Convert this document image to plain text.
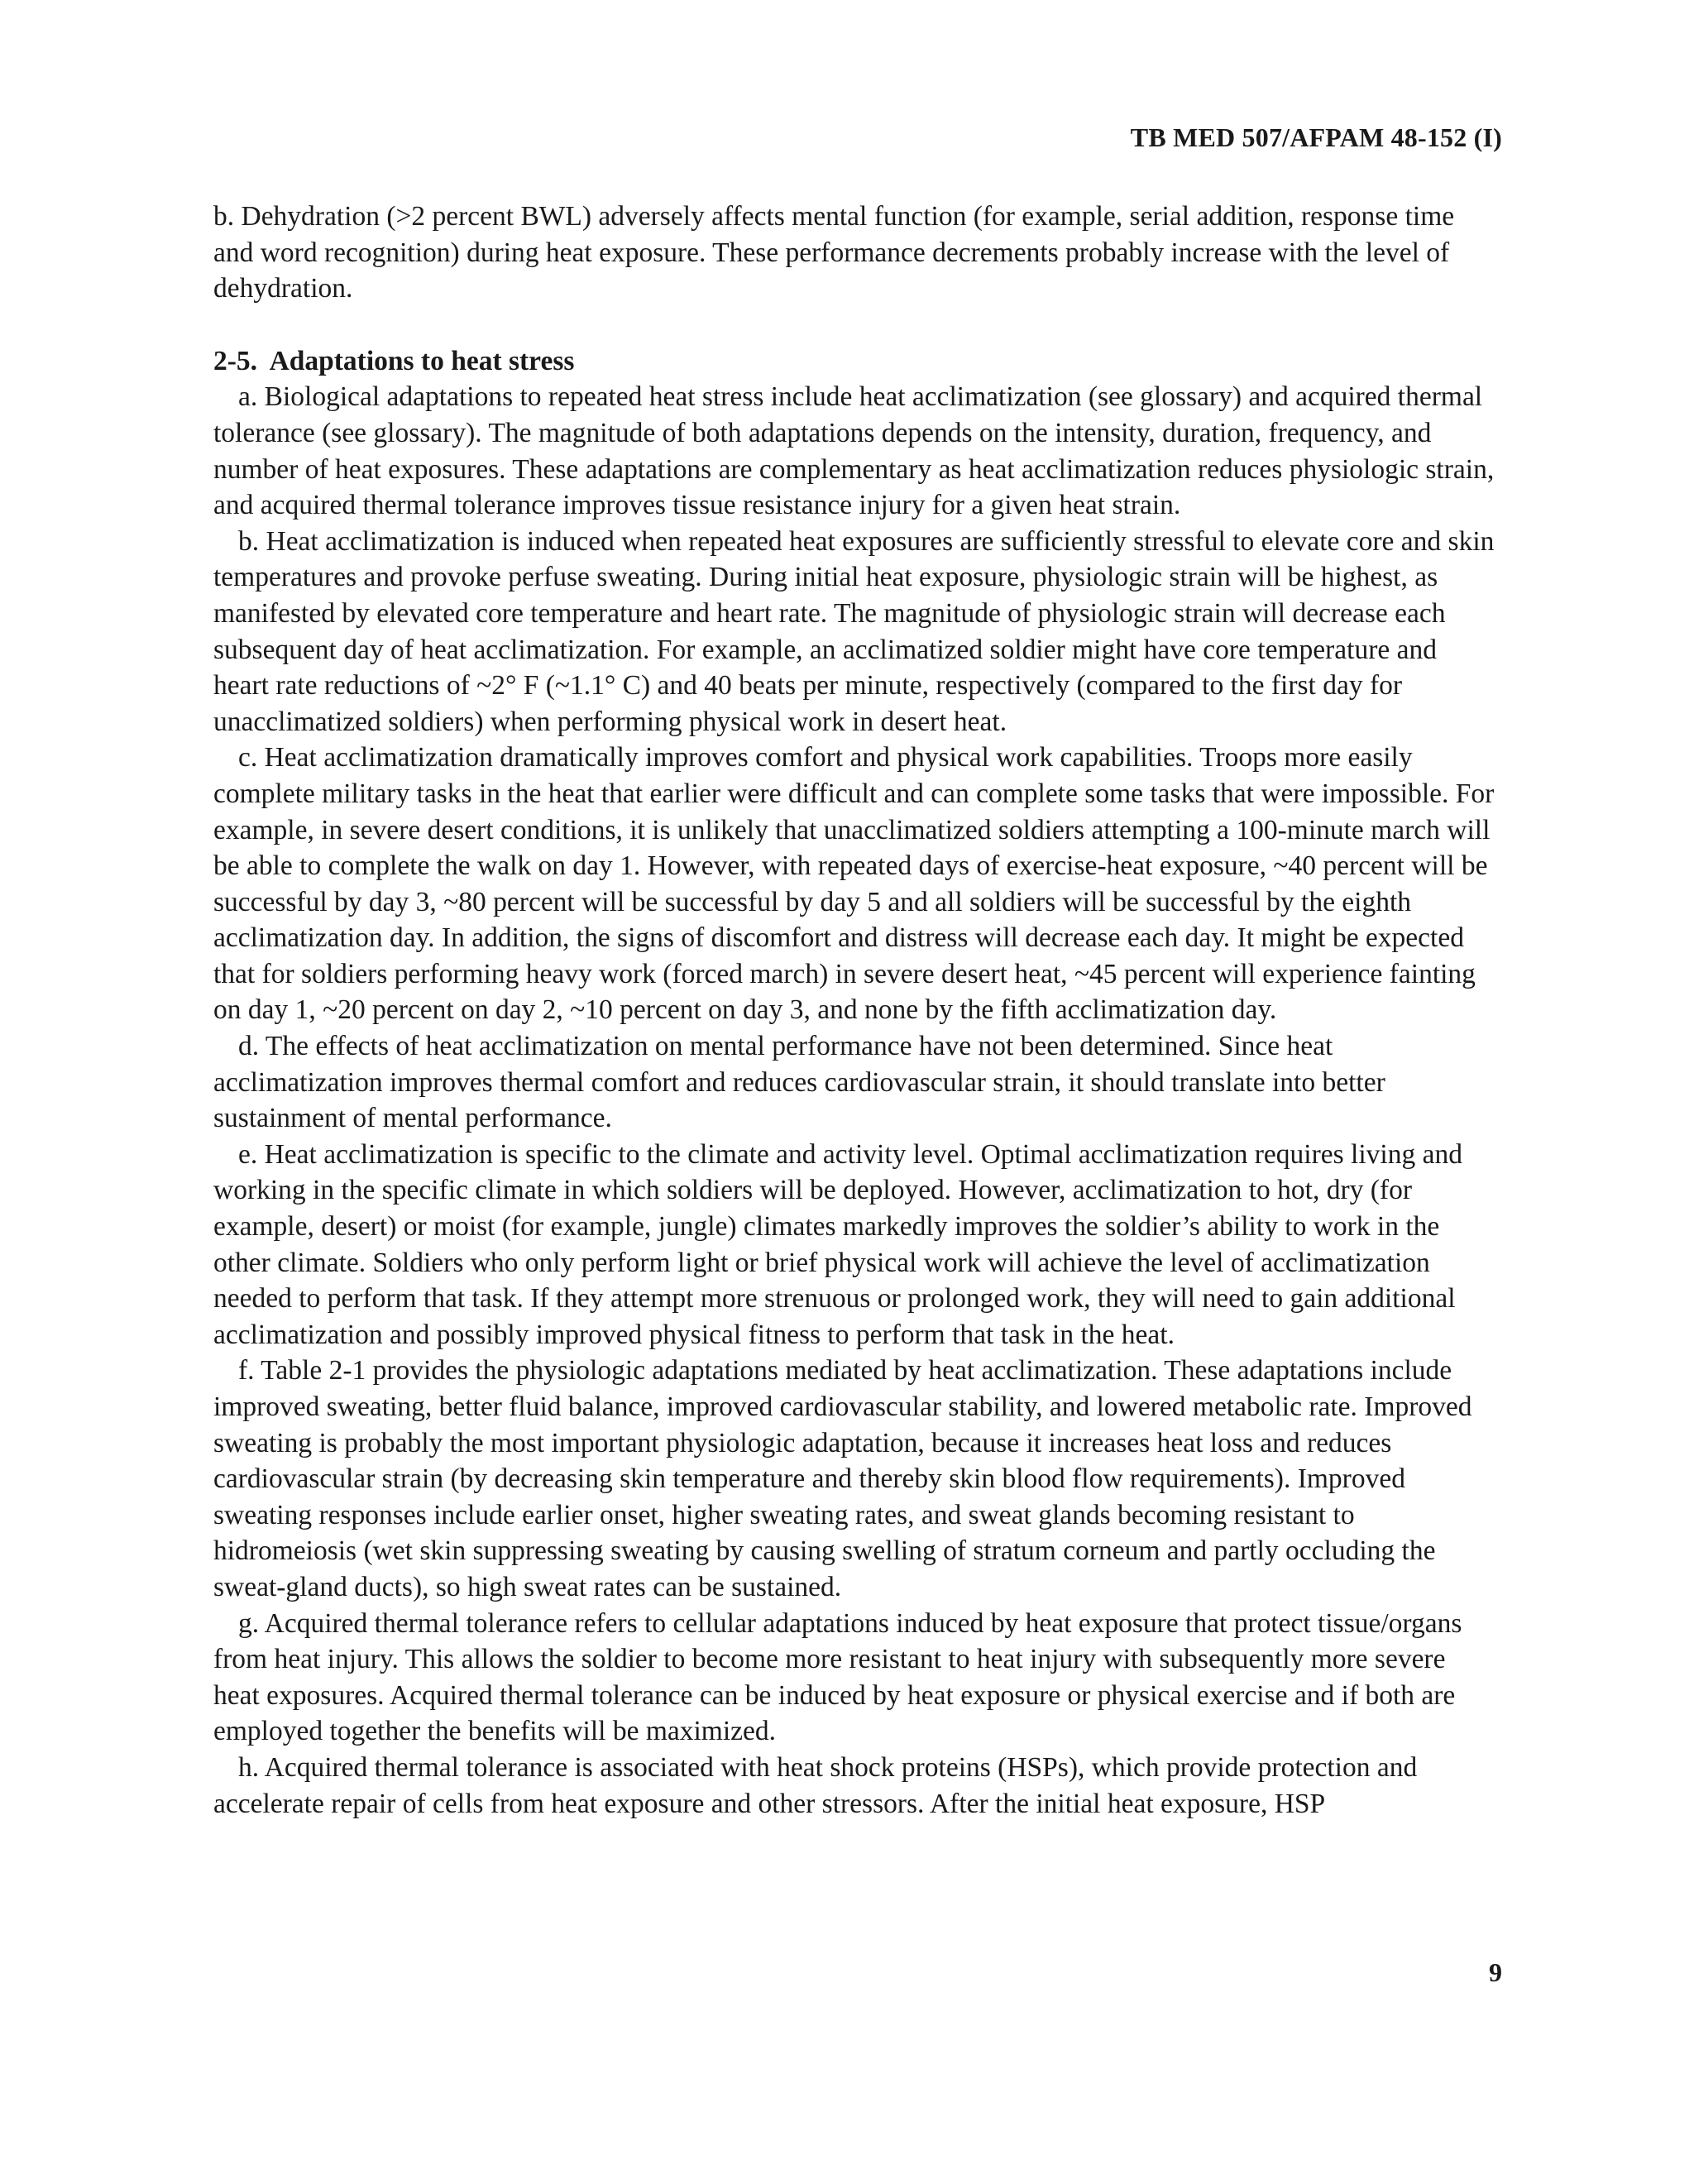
TB MED 507/AFPAM 48-152 (I)

b. Dehydration (>2 percent BWL) adversely affects mental function (for example, serial addition, response time and word recognition) during heat exposure. These performance decrements probably increase with the level of dehydration.

2-5. Adaptations to heat stress

a. Biological adaptations to repeated heat stress include heat acclimatization (see glossary) and acquired thermal tolerance (see glossary). The magnitude of both adaptations depends on the intensity, duration, frequency, and number of heat exposures. These adaptations are complementary as heat acclimatization reduces physiologic strain, and acquired thermal tolerance improves tissue resistance injury for a given heat strain.

b. Heat acclimatization is induced when repeated heat exposures are sufficiently stressful to elevate core and skin temperatures and provoke perfuse sweating. During initial heat exposure, physiologic strain will be highest, as manifested by elevated core temperature and heart rate. The magnitude of physiologic strain will decrease each subsequent day of heat acclimatization. For example, an acclimatized soldier might have core temperature and heart rate reductions of ~2° F (~1.1° C) and 40 beats per minute, respectively (compared to the first day for unacclimatized soldiers) when performing physical work in desert heat.

c. Heat acclimatization dramatically improves comfort and physical work capabilities. Troops more easily complete military tasks in the heat that earlier were difficult and can complete some tasks that were impossible. For example, in severe desert conditions, it is unlikely that unacclimatized soldiers attempting a 100-minute march will be able to complete the walk on day 1. However, with repeated days of exercise-heat exposure, ~40 percent will be successful by day 3, ~80 percent will be successful by day 5 and all soldiers will be successful by the eighth acclimatization day. In addition, the signs of discomfort and distress will decrease each day. It might be expected that for soldiers performing heavy work (forced march) in severe desert heat, ~45 percent will experience fainting on day 1, ~20 percent on day 2, ~10 percent on day 3, and none by the fifth acclimatization day.

d. The effects of heat acclimatization on mental performance have not been determined. Since heat acclimatization improves thermal comfort and reduces cardiovascular strain, it should translate into better sustainment of mental performance.

e. Heat acclimatization is specific to the climate and activity level. Optimal acclimatization requires living and working in the specific climate in which soldiers will be deployed. However, acclimatization to hot, dry (for example, desert) or moist (for example, jungle) climates markedly improves the soldier’s ability to work in the other climate. Soldiers who only perform light or brief physical work will achieve the level of acclimatization needed to perform that task. If they attempt more strenuous or prolonged work, they will need to gain additional acclimatization and possibly improved physical fitness to perform that task in the heat.

f. Table 2-1 provides the physiologic adaptations mediated by heat acclimatization. These adaptations include improved sweating, better fluid balance, improved cardiovascular stability, and lowered metabolic rate. Improved sweating is probably the most important physiologic adaptation, because it increases heat loss and reduces cardiovascular strain (by decreasing skin temperature and thereby skin blood flow requirements). Improved sweating responses include earlier onset, higher sweating rates, and sweat glands becoming resistant to hidromeiosis (wet skin suppressing sweating by causing swelling of stratum corneum and partly occluding the sweat-gland ducts), so high sweat rates can be sustained.

g. Acquired thermal tolerance refers to cellular adaptations induced by heat exposure that protect tissue/organs from heat injury. This allows the soldier to become more resistant to heat injury with subsequently more severe heat exposures. Acquired thermal tolerance can be induced by heat exposure or physical exercise and if both are employed together the benefits will be maximized.

h. Acquired thermal tolerance is associated with heat shock proteins (HSPs), which provide protection and accelerate repair of cells from heat exposure and other stressors. After the initial heat exposure, HSP

9
